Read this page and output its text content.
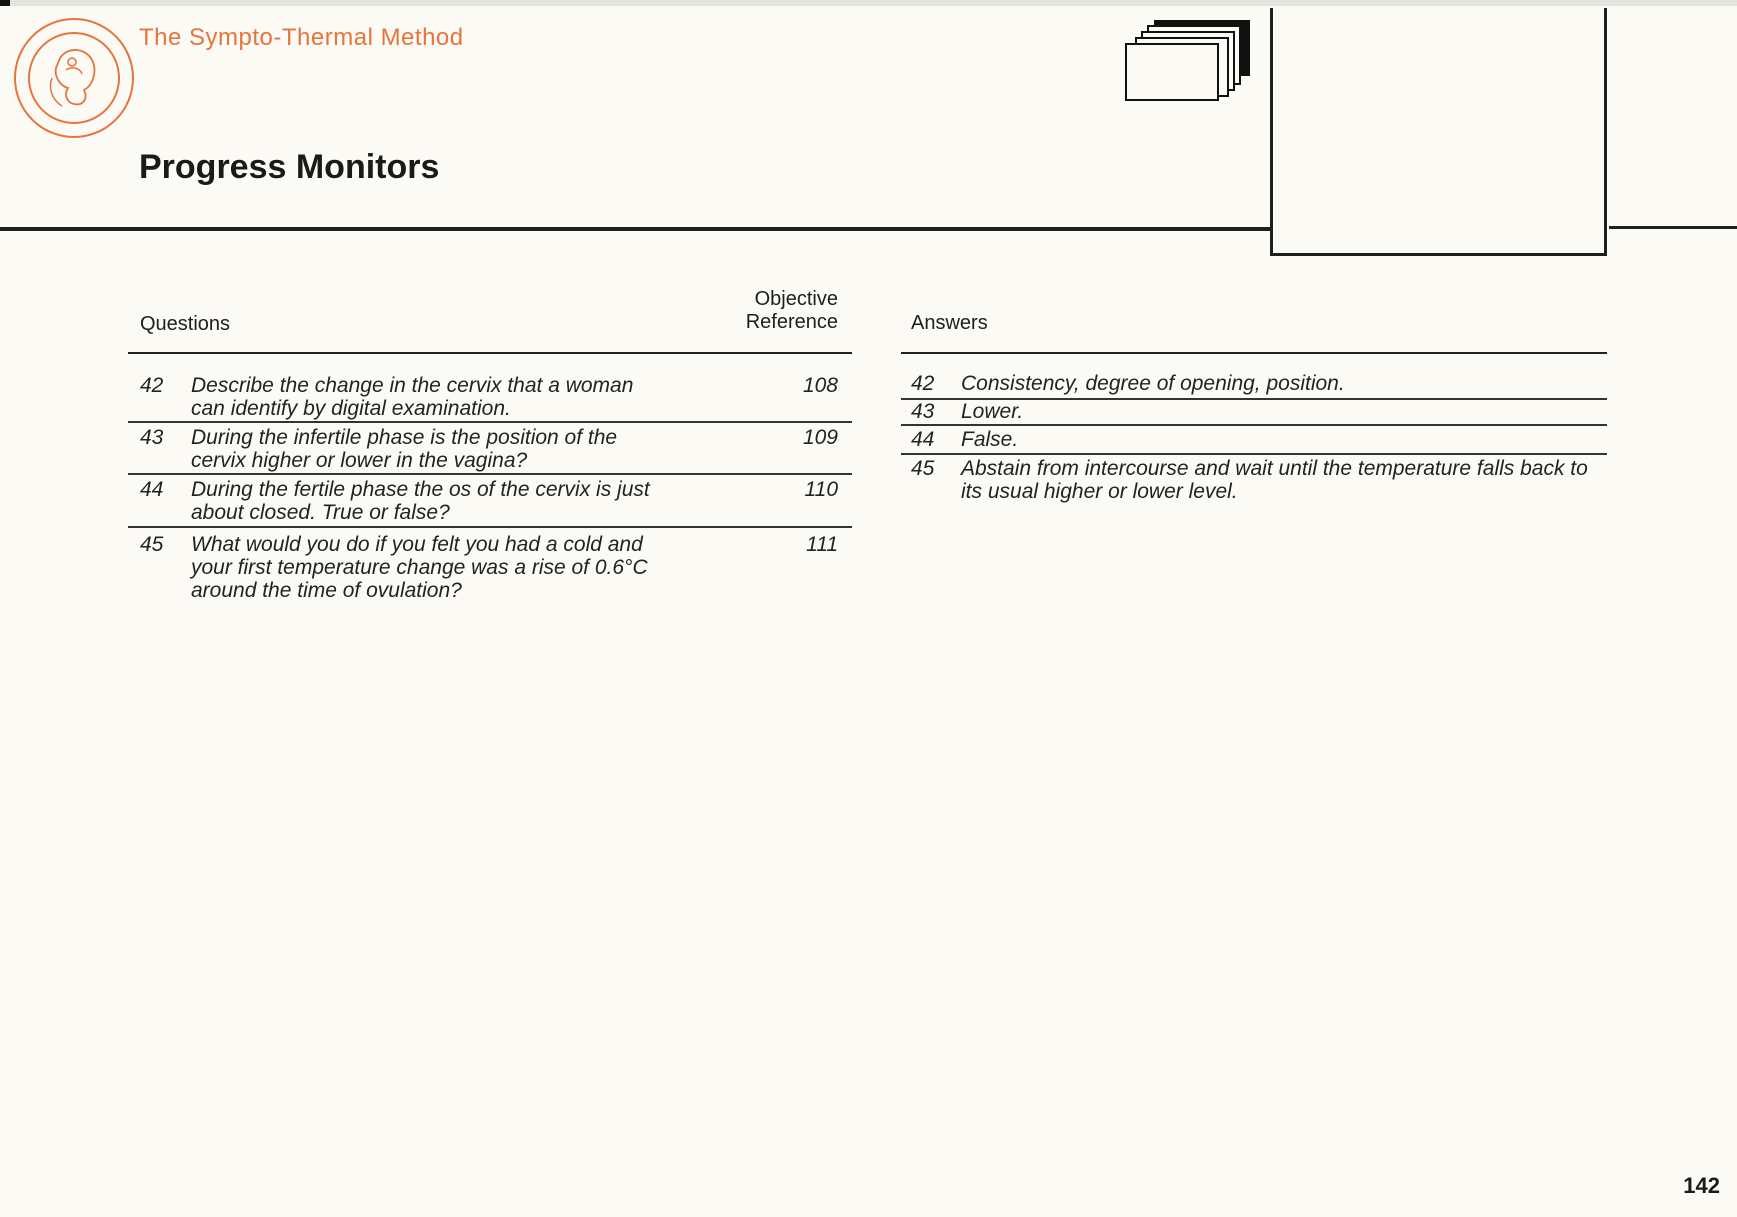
The Sympto-Thermal Method
Progress Monitors
Questions
Objective
Reference	Answers
42 Describe the change in the cervix that a woman can identify by digital examination.
108
43 During the infertile phase is the position of the cervix higher or lower in the vagina?
109
44 During the fertile phase the os of the cervix is just about closed. True or false?
110
45 What would you do if you felt you had a cold and your first temperature change was a rise of 0.6°C around the time of ovulation?
111
42 Consistency, degree of opening, position.
43 Lower.
44 False.
45 Abstain from intercourse and wait until the temperature falls back to its usual higher or lower level.
142
